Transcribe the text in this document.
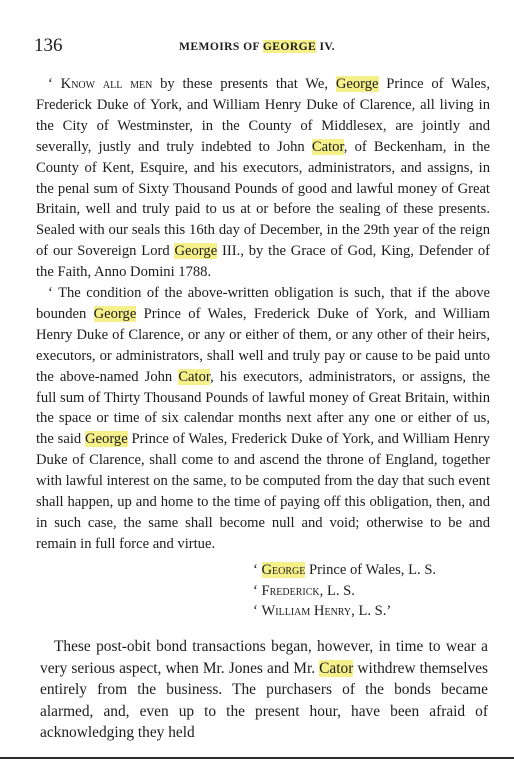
136	MEMOIRS OF GEORGE IV.

‘ Know all men by these presents that We, George Prince of Wales, Frederick Duke of York, and William Henry Duke of Clarence, all living in the City of Westminster, in the County of Middlesex, are jointly and severally, justly and truly indebted to John Cator, of Beckenham, in the County of Kent, Esquire, and his executors, administrators, and assigns, in the penal sum of Sixty Thousand Pounds of good and lawful money of Great Britain, well and truly paid to us at or before the sealing of these presents. Sealed with our seals this 16th day of December, in the 29th year of the reign of our Sovereign Lord George III., by the Grace of God, King, Defender of the Faith, Anno Domini 1788.

‘ The condition of the above-written obligation is such, that if the above bounden George Prince of Wales, Frederick Duke of York, and William Henry Duke of Clarence, or any or either of them, or any other of their heirs, executors, or administrators, shall well and truly pay or cause to be paid unto the above-named John Cator, his executors, administrators, or assigns, the full sum of Thirty Thousand Pounds of lawful money of Great Britain, within the space or time of six calendar months next after any one or either of us, the said George Prince of Wales, Frederick Duke of York, and William Henry Duke of Clarence, shall come to and ascend the throne of England, together with lawful interest on the same, to be computed from the day that such event shall happen, up and home to the time of paying off this obligation, then, and in such case, the same shall become null and void; otherwise to be and remain in full force and virtue.

‘ George Prince of Wales, L. S.
‘ Frederick, L. S.
‘ William Henry, L. S.’

These post-obit bond transactions began, however, in time to wear a very serious aspect, when Mr. Jones and Mr. Cator withdrew themselves entirely from the business. The purchasers of the bonds became alarmed, and, even up to the present hour, have been afraid of acknowledging they held
